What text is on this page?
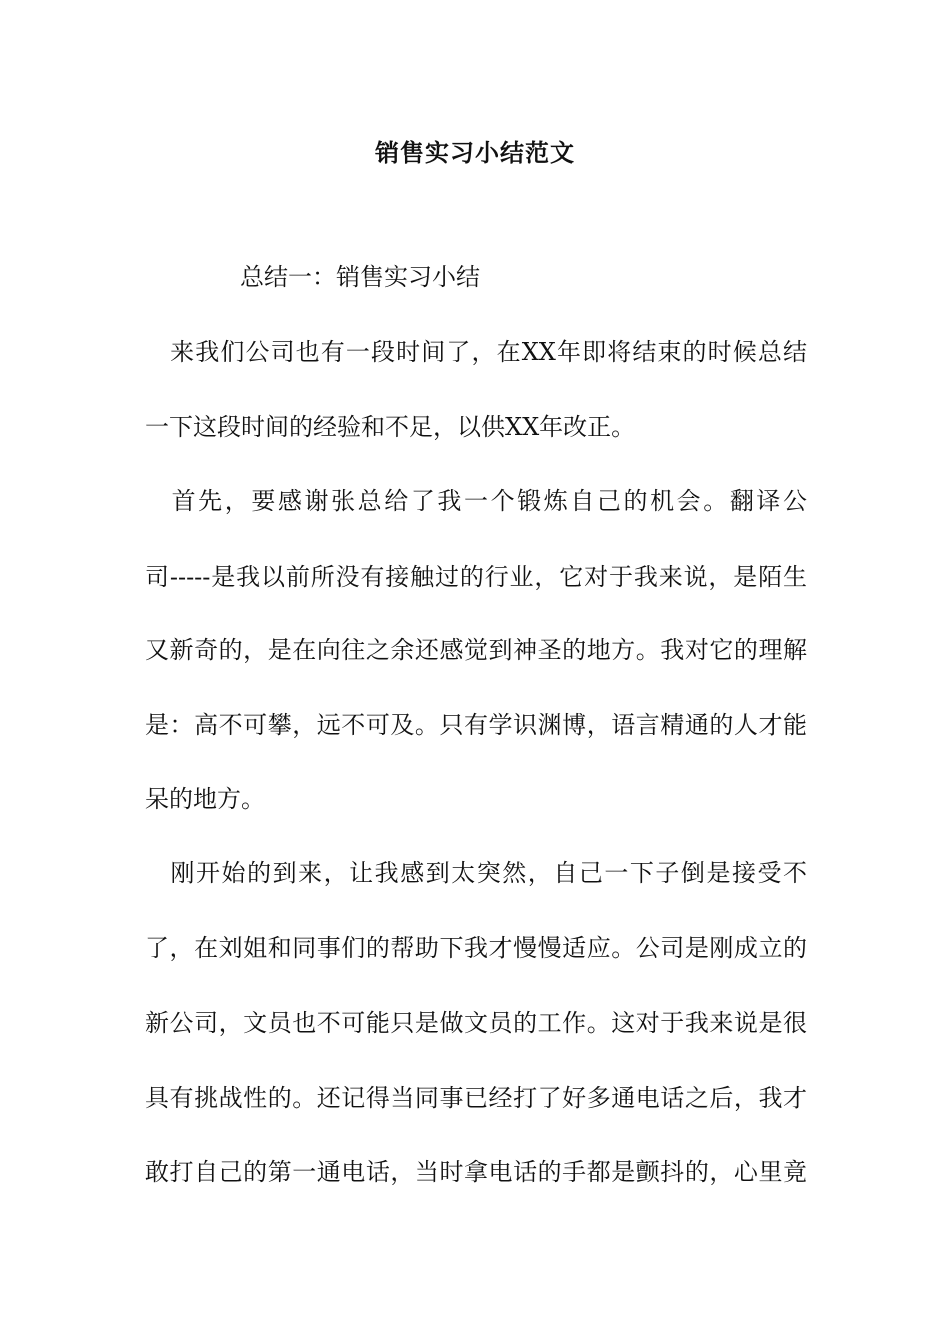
销售实习小结范文
总结一：销售实习小结
　来我们公司也有一段时间了，在XX年即将结束的时候总结
一下这段时间的经验和不足，以供XX年改正。
　首先，要感谢张总给了我一个锻炼自己的机会。翻译公
司-----是我以前所没有接触过的行业，它对于我来说，是陌生
又新奇的，是在向往之余还感觉到神圣的地方。我对它的理解
是：高不可攀，远不可及。只有学识渊博，语言精通的人才能
呆的地方。
　刚开始的到来，让我感到太突然，自己一下子倒是接受不
了，在刘姐和同事们的帮助下我才慢慢适应。公司是刚成立的
新公司，文员也不可能只是做文员的工作。这对于我来说是很
具有挑战性的。还记得当同事已经打了好多通电话之后，我才
敢打自己的第一通电话，当时拿电话的手都是颤抖的，心里竟
